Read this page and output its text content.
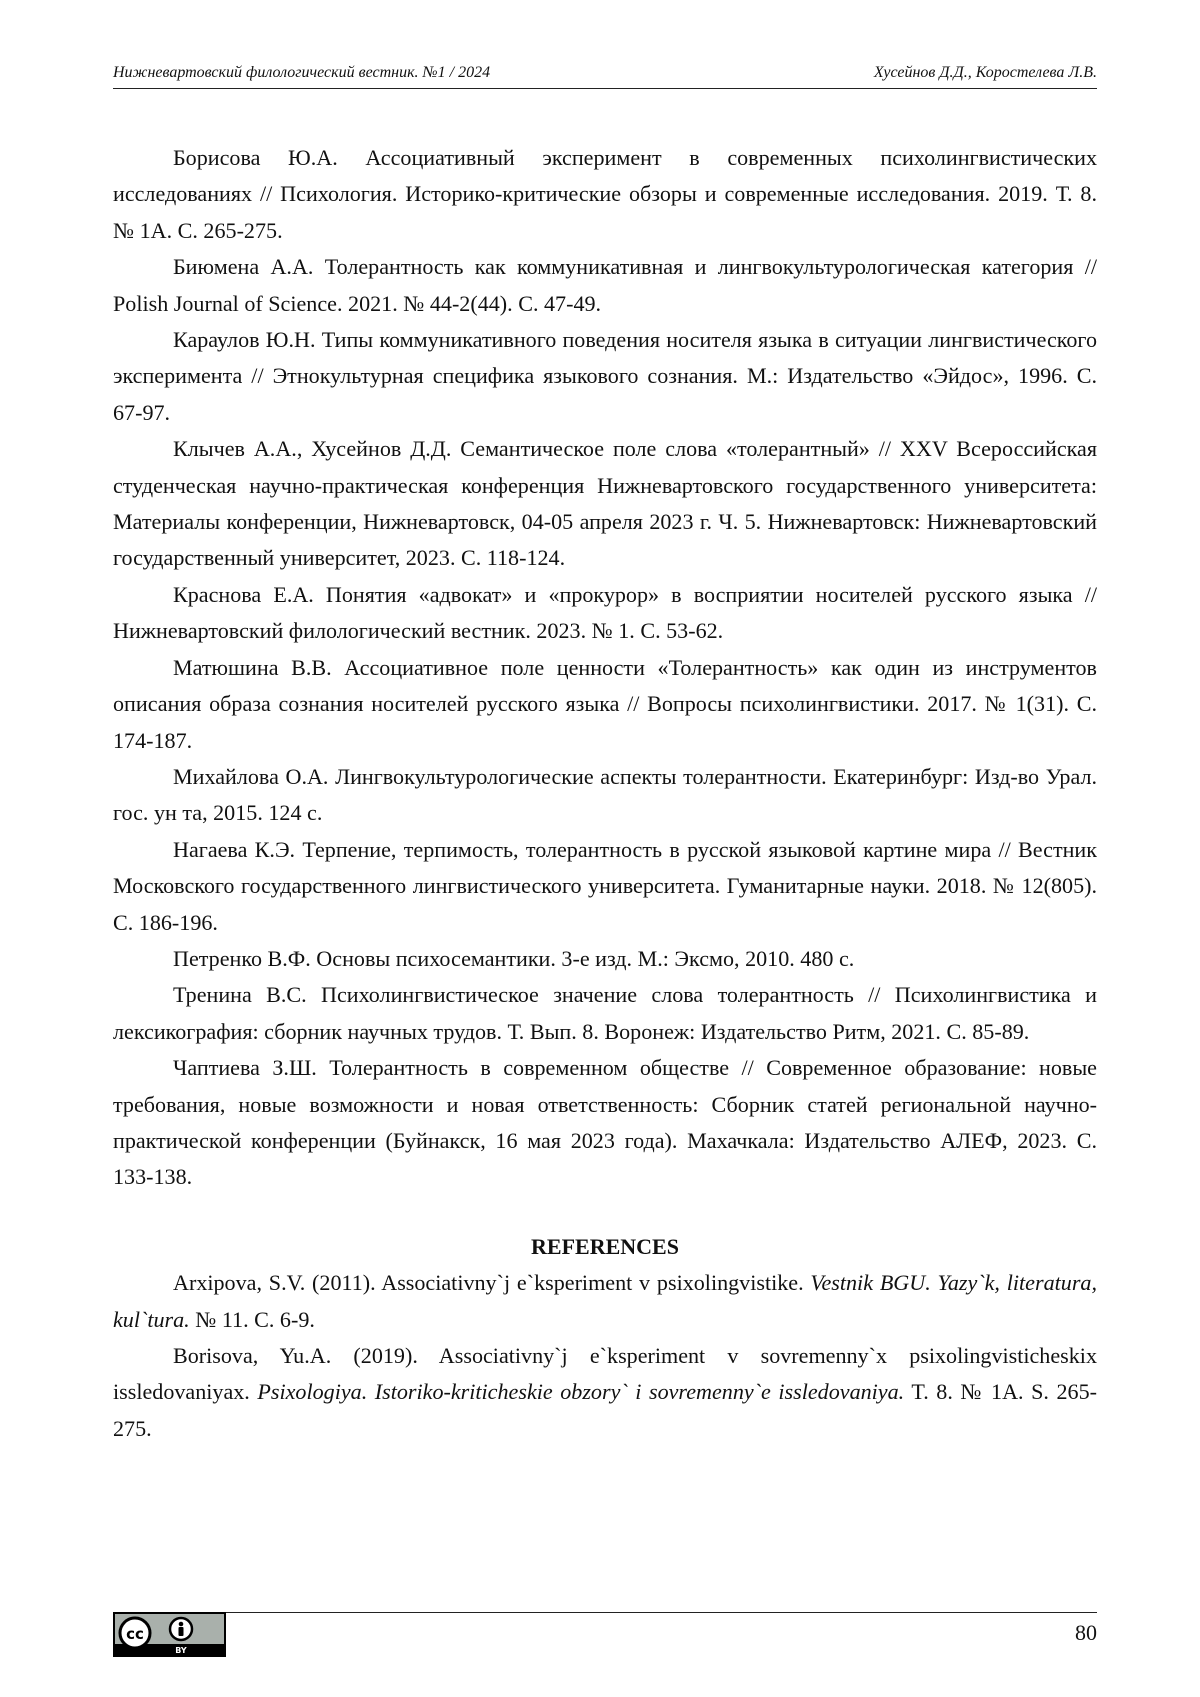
Нижневартовский филологический вестник. №1 / 2024	Хусейнов Д.Д., Коростелева Л.В.

Борисова Ю.А. Ассоциативный эксперимент в современных психолингвистических исследованиях // Психология. Историко-критические обзоры и современные исследования. 2019. Т. 8. № 1А. С. 265-275.

Биюмена А.А. Толерантность как коммуникативная и лингвокультурологическая категория // Polish Journal of Science. 2021. № 44-2(44). С. 47-49.

Караулов Ю.Н. Типы коммуникативного поведения носителя языка в ситуации лингвистического эксперимента // Этнокультурная специфика языкового сознания. М.: Издательство «Эйдос», 1996. С. 67-97.

Клычев А.А., Хусейнов Д.Д. Семантическое поле слова «толерантный» // XXV Всероссийская студенческая научно-практическая конференция Нижневартовского государственного университета: Материалы конференции, Нижневартовск, 04-05 апреля 2023 г. Ч. 5. Нижневартовск: Нижневартовский государственный университет, 2023. С. 118-124.

Краснова Е.А. Понятия «адвокат» и «прокурор» в восприятии носителей русского языка // Нижневартовский филологический вестник. 2023. № 1. С. 53-62.

Матюшина В.В. Ассоциативное поле ценности «Толерантность» как один из инструментов описания образа сознания носителей русского языка // Вопросы психолингвистики. 2017. № 1(31). С. 174-187.

Михайлова О.А. Лингвокультурологические аспекты толерантности. Екатеринбург: Изд-во Урал. гос. ун та, 2015. 124 с.

Нагаева К.Э. Терпение, терпимость, толерантность в русской языковой картине мира // Вестник Московского государственного лингвистического университета. Гуманитарные науки. 2018. № 12(805). С. 186-196.

Петренко В.Ф. Основы психосемантики. 3-е изд. М.: Эксмо, 2010. 480 с.

Тренина В.С. Психолингвистическое значение слова толерантность // Психолингвистика и лексикография: сборник научных трудов. Т. Вып. 8. Воронеж: Издательство Ритм, 2021. С. 85-89.

Чаптиева З.Ш. Толерантность в современном обществе // Современное образование: новые требования, новые возможности и новая ответственность: Сборник статей региональной научно-практической конференции (Буйнакск, 16 мая 2023 года). Махачкала: Издательство АЛЕФ, 2023. С. 133-138.

REFERENCES

Arxipova, S.V. (2011). Associativny`j e`ksperiment v psixolingvistike. Vestnik BGU. Yazy`k, literatura, kul`tura. № 11. C. 6-9.

Borisova, Yu.A. (2019). Associativny`j e`ksperiment v sovremenny`x psixolingvisticheskix issledovaniyax. Psixologiya. Istoriko-kriticheskie obzory` i sovremenny`e issledovaniya. T. 8. № 1A. S. 265-275.

cc
BY
80
